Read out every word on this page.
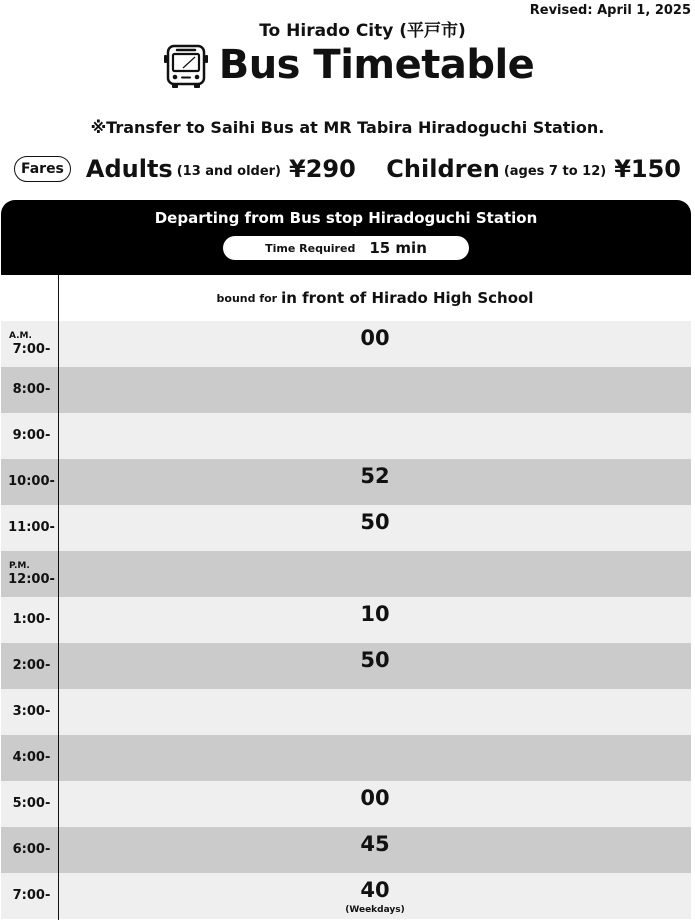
Revised: April 1, 2025
To Hirado City (平戸市)
Bus Timetable
※Transfer to Saihi Bus at MR Tabira Hiradoguchi Station.
Fares Adults (13 and older) ¥290 Children (ages 7 to 12) ¥150
Departing from Bus stop Hiradoguchi Station
Time Required 15 min
bound for in front of Hirado High School
A.M.
7:00-	00
8:00-
9:00-
10:00-	52
11:00-	50
P.M.
12:00-
1:00-	10
2:00-	50
3:00-
4:00-
5:00-	00
6:00-	45
7:00-	40
(Weekdays)
